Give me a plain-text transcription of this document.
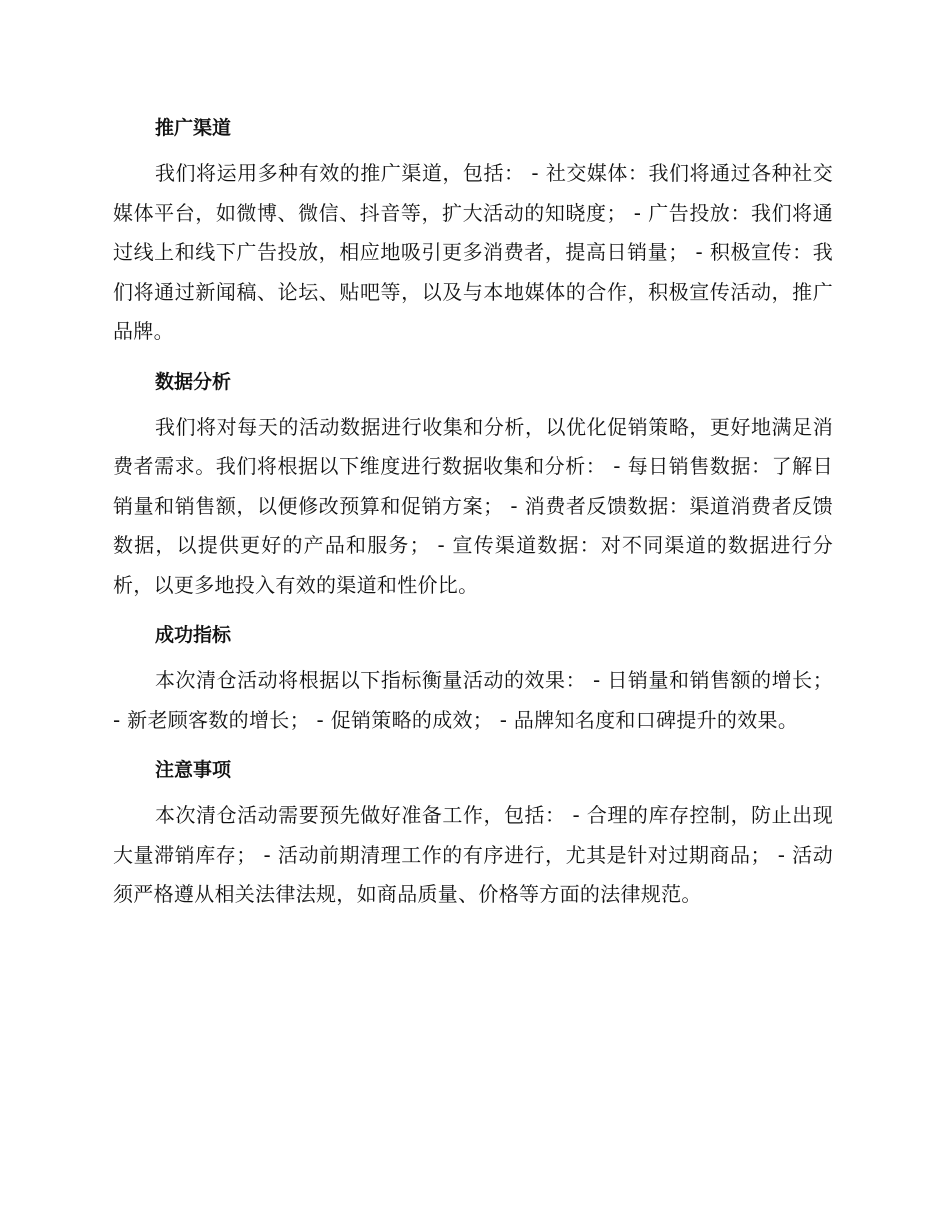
推广渠道

我们将运用多种有效的推广渠道，包括： - 社交媒体：我们将通过各种社交媒体平台，如微博、微信、抖音等，扩大活动的知晓度； - 广告投放：我们将通过线上和线下广告投放，相应地吸引更多消费者，提高日销量； - 积极宣传：我们将通过新闻稿、论坛、贴吧等，以及与本地媒体的合作，积极宣传活动，推广品牌。

数据分析

我们将对每天的活动数据进行收集和分析，以优化促销策略，更好地满足消费者需求。我们将根据以下维度进行数据收集和分析： - 每日销售数据：了解日销量和销售额，以便修改预算和促销方案； - 消费者反馈数据：渠道消费者反馈数据，以提供更好的产品和服务； - 宣传渠道数据：对不同渠道的数据进行分析，以更多地投入有效的渠道和性价比。

成功指标

本次清仓活动将根据以下指标衡量活动的效果： - 日销量和销售额的增长； - 新老顾客数的增长； - 促销策略的成效； - 品牌知名度和口碑提升的效果。

注意事项

本次清仓活动需要预先做好准备工作，包括： - 合理的库存控制，防止出现大量滞销库存； - 活动前期清理工作的有序进行，尤其是针对过期商品； - 活动须严格遵从相关法律法规，如商品质量、价格等方面的法律规范。
